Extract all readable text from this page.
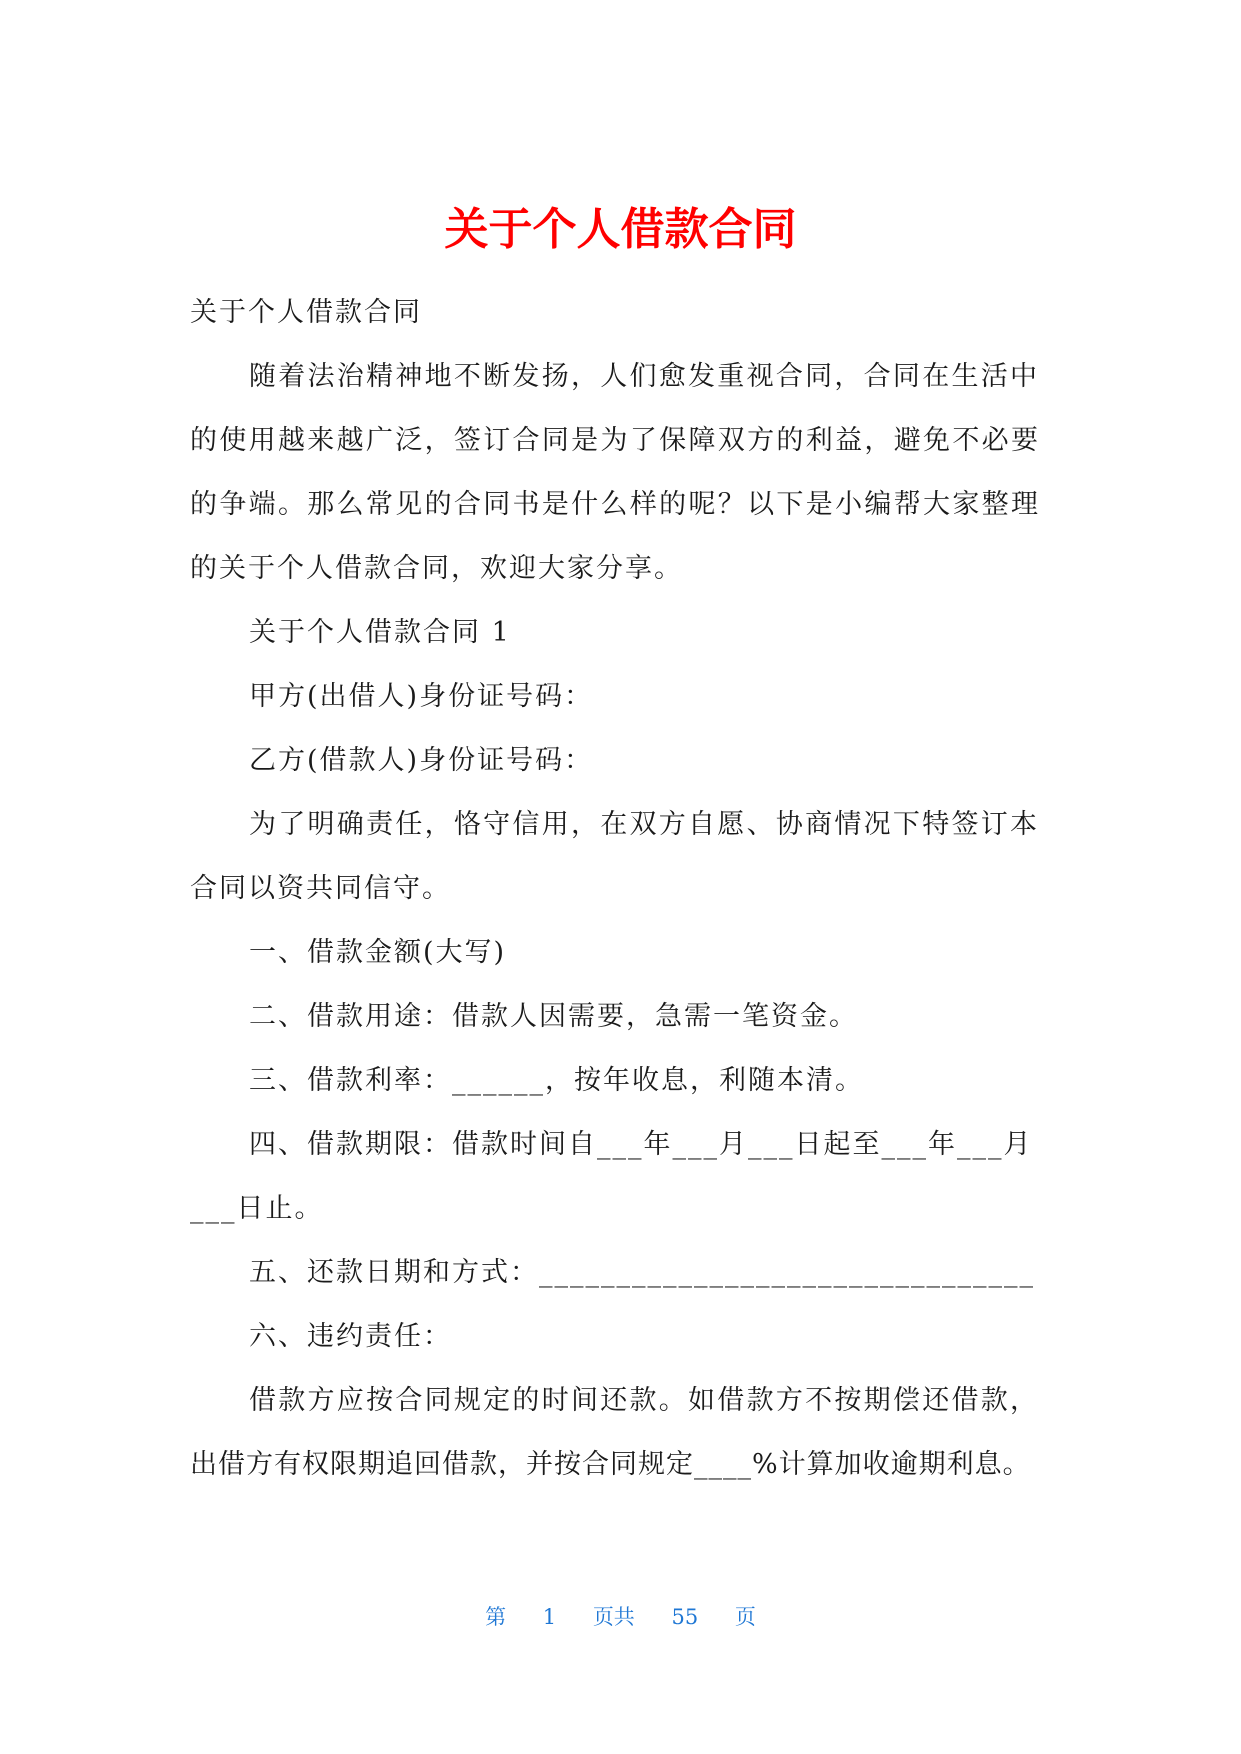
关于个人借款合同
关于个人借款合同
随着法治精神地不断发扬，人们愈发重视合同，合同在生活中
的使用越来越广泛，签订合同是为了保障双方的利益，避免不必要
的争端。那么常见的合同书是什么样的呢？以下是小编帮大家整理
的关于个人借款合同，欢迎大家分享。
关于个人借款合同 1
甲方(出借人)身份证号码：
乙方(借款人)身份证号码：
为了明确责任，恪守信用，在双方自愿、协商情况下特签订本
合同以资共同信守。
一、借款金额(大写)
二、借款用途：借款人因需要，急需一笔资金。
三、借款利率：______，按年收息，利随本清。
四、借款期限：借款时间自___年___月___日起至___年___月
___日止。
五、还款日期和方式：________________________________
六、违约责任：
借款方应按合同规定的时间还款。如借款方不按期偿还借款，
出借方有权限期追回借款，并按合同规定____%计算加收逾期利息。
第 1 页共 55 页
